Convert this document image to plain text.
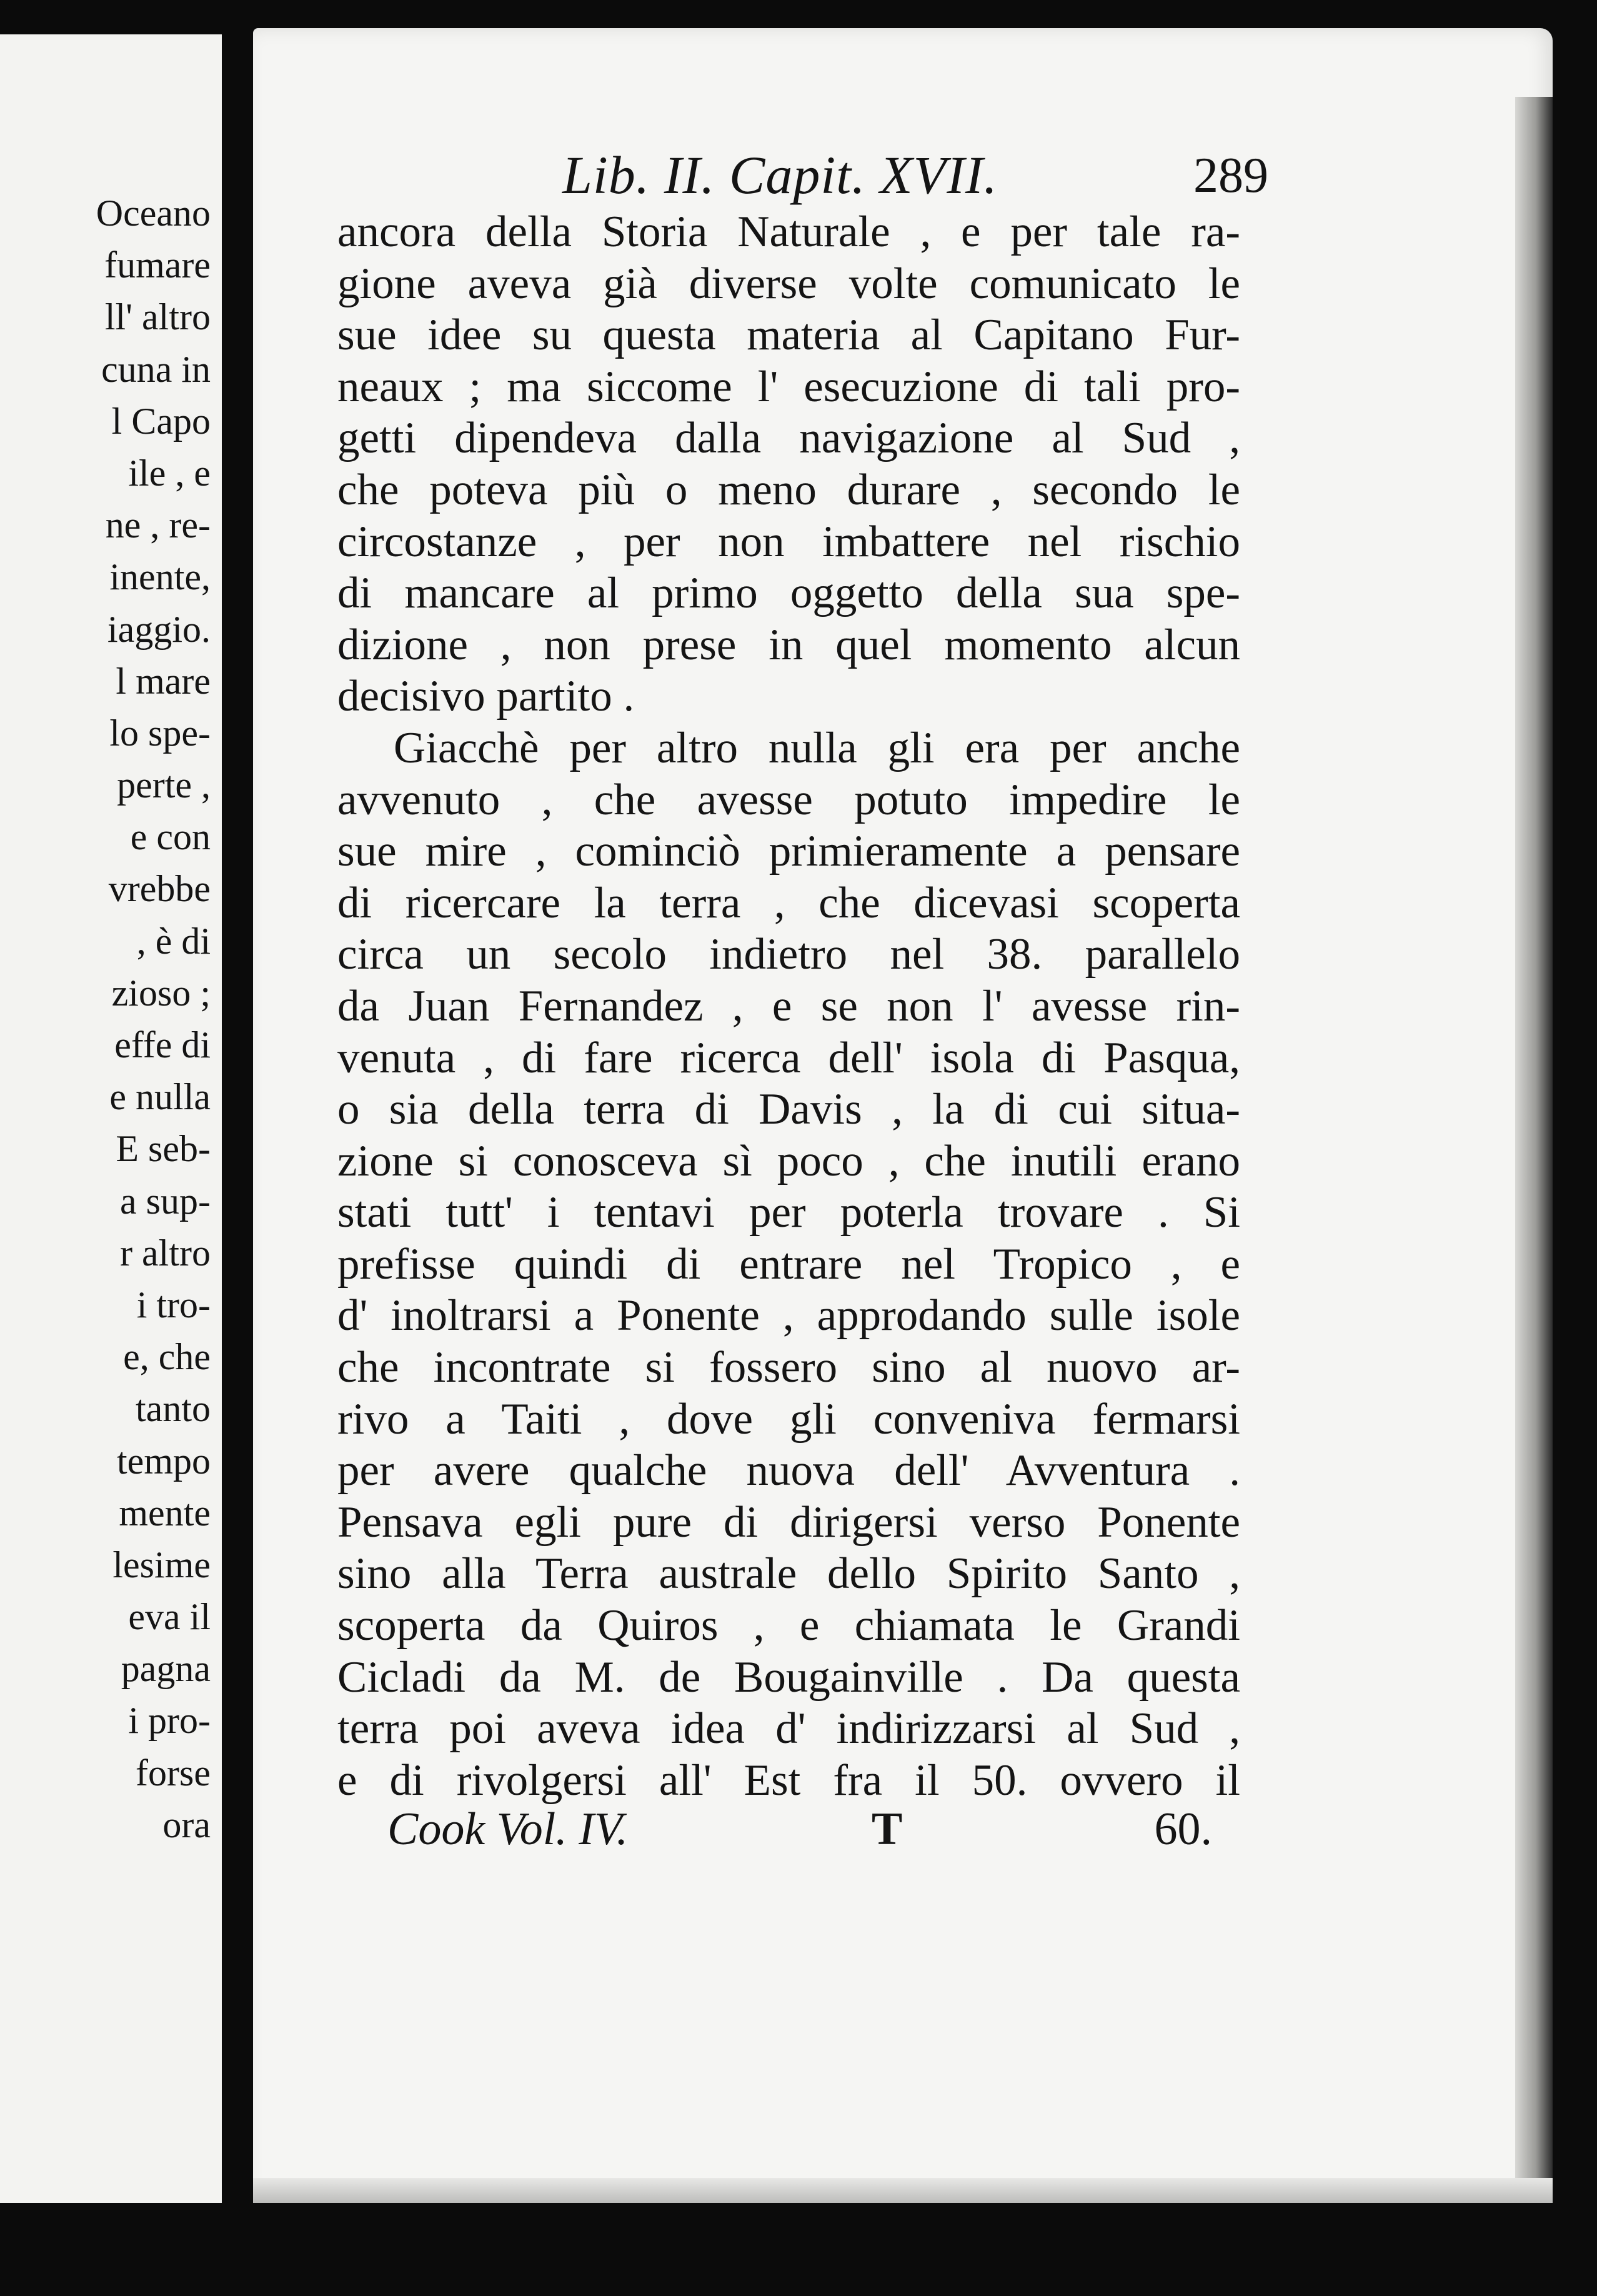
Oceano
fumare
ll' altro
cuna in
l Capo
ile , e
ne , re-
inente,
iaggio.
l mare
lo spe-
perte ,
e con
vrebbe
, è di
zioso ;
effe di
e nulla
E seb-
a sup-
r altro
i tro-
e, che
tanto
tempo
mente
lesime
eva il
pagna
i pro-
forse
ora
Lib. II. Capit. XVII.	289
ancora della Storia Naturale , e per tale ra-
gione aveva già diverse volte comunicato le
sue idee su questa materia al Capitano Fur-
neaux ; ma siccome l' esecuzione di tali pro-
getti dipendeva dalla navigazione al Sud ,
che poteva più o meno durare , secondo le
circostanze , per non imbattere nel rischio
di mancare al primo oggetto della sua spe-
dizione , non prese in quel momento alcun
decisivo partito .
Giacchè per altro nulla gli era per anche
avvenuto , che avesse potuto impedire le
sue mire , cominciò primieramente a pensare
di ricercare la terra , che dicevasi scoperta
circa un secolo indietro nel 38. parallelo
da Juan Fernandez , e se non l' avesse rin-
venuta , di fare ricerca dell' isola di Pasqua,
o sia della terra di Davis , la di cui situa-
zione si conosceva sì poco , che inutili erano
stati tutt' i tentavi per poterla trovare . Si
prefisse quindi di entrare nel Tropico , e
d' inoltrarsi a Ponente , approdando sulle isole
che incontrate si fossero sino al nuovo ar-
rivo a Taiti , dove gli conveniva fermarsi
per avere qualche nuova dell' Avventura .
Pensava egli pure di dirigersi verso Ponente
sino alla Terra australe dello Spirito Santo ,
scoperta da Quiros , e chiamata le Grandi
Cicladi da M. de Bougainville . Da questa
terra poi aveva idea d' indirizzarsi al Sud ,
e di rivolgersi all' Est fra il 50. ovvero il
Cook Vol. IV.	T	60.
